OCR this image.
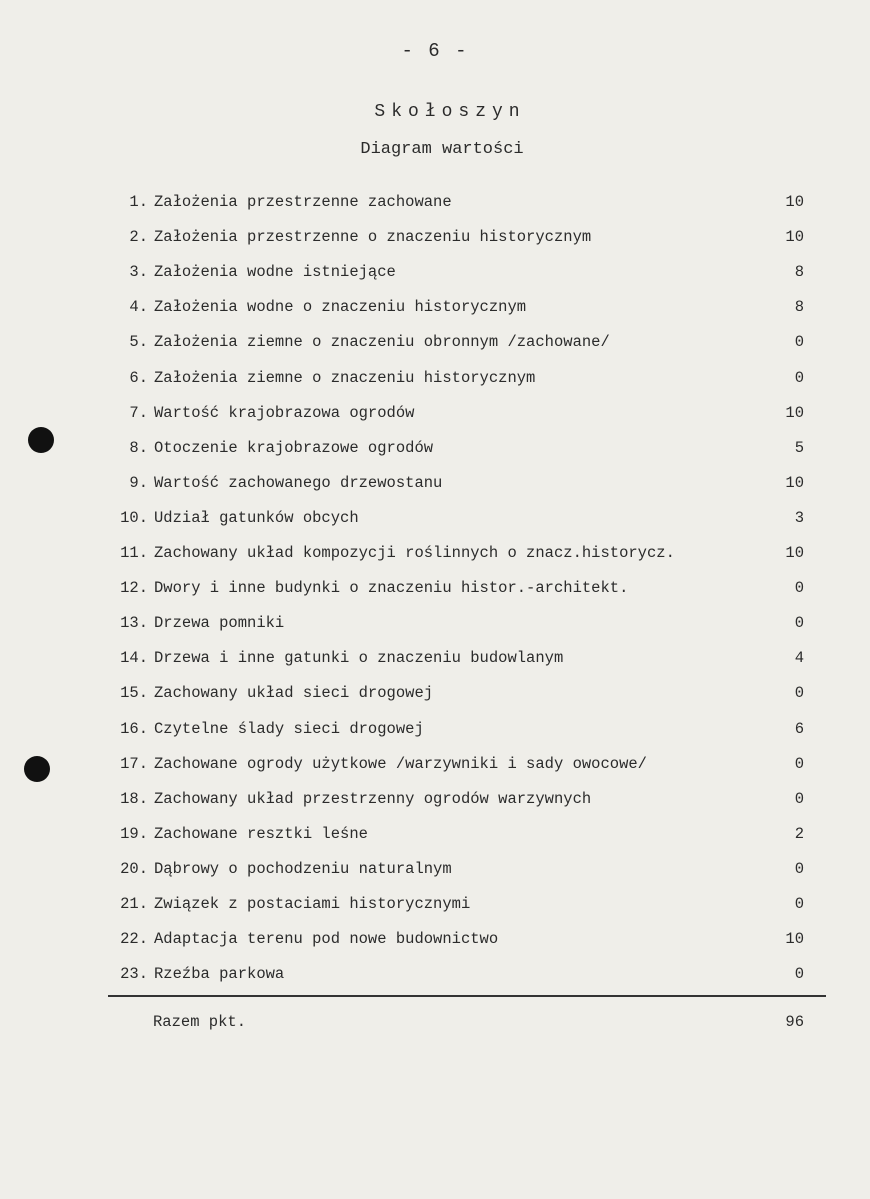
- 6 -
Skołoszyn
Diagram wartości
1. Założenia przestrzenne zachowane	10
2. Założenia przestrzenne o znaczeniu historycznym	10
3. Założenia wodne istniejące	8
4. Założenia wodne o znaczeniu historycznym	8
5. Założenia ziemne o znaczeniu obronnym /zachowane/	0
6. Założenia ziemne o znaczeniu historycznym	0
7. Wartość krajobrazowa ogrodów	10
8. Otoczenie krajobrazowe ogrodów	5
9. Wartość zachowanego drzewostanu	10
10. Udział gatunków obcych	3
11. Zachowany układ kompozycji roślinnych o znacz.historycz.	10
12. Dwory i inne budynki o znaczeniu histor.-architekt.	0
13. Drzewa pomniki	0
14. Drzewa i inne gatunki o znaczeniu budowlanym	4
15. Zachowany układ sieci drogowej	0
16. Czytelne ślady sieci drogowej	6
17. Zachowane ogrody użytkowe /warzywniki i sady owocowe/	0
18. Zachowany układ przestrzenny ogrodów warzywnych	0
19. Zachowane resztki leśne	2
20. Dąbrowy o pochodzeniu naturalnym	0
21. Związek z postaciami historycznymi	0
22. Adaptacja terenu pod nowe budownictwo	10
23. Rzeźba parkowa	0
Razem pkt.	96
